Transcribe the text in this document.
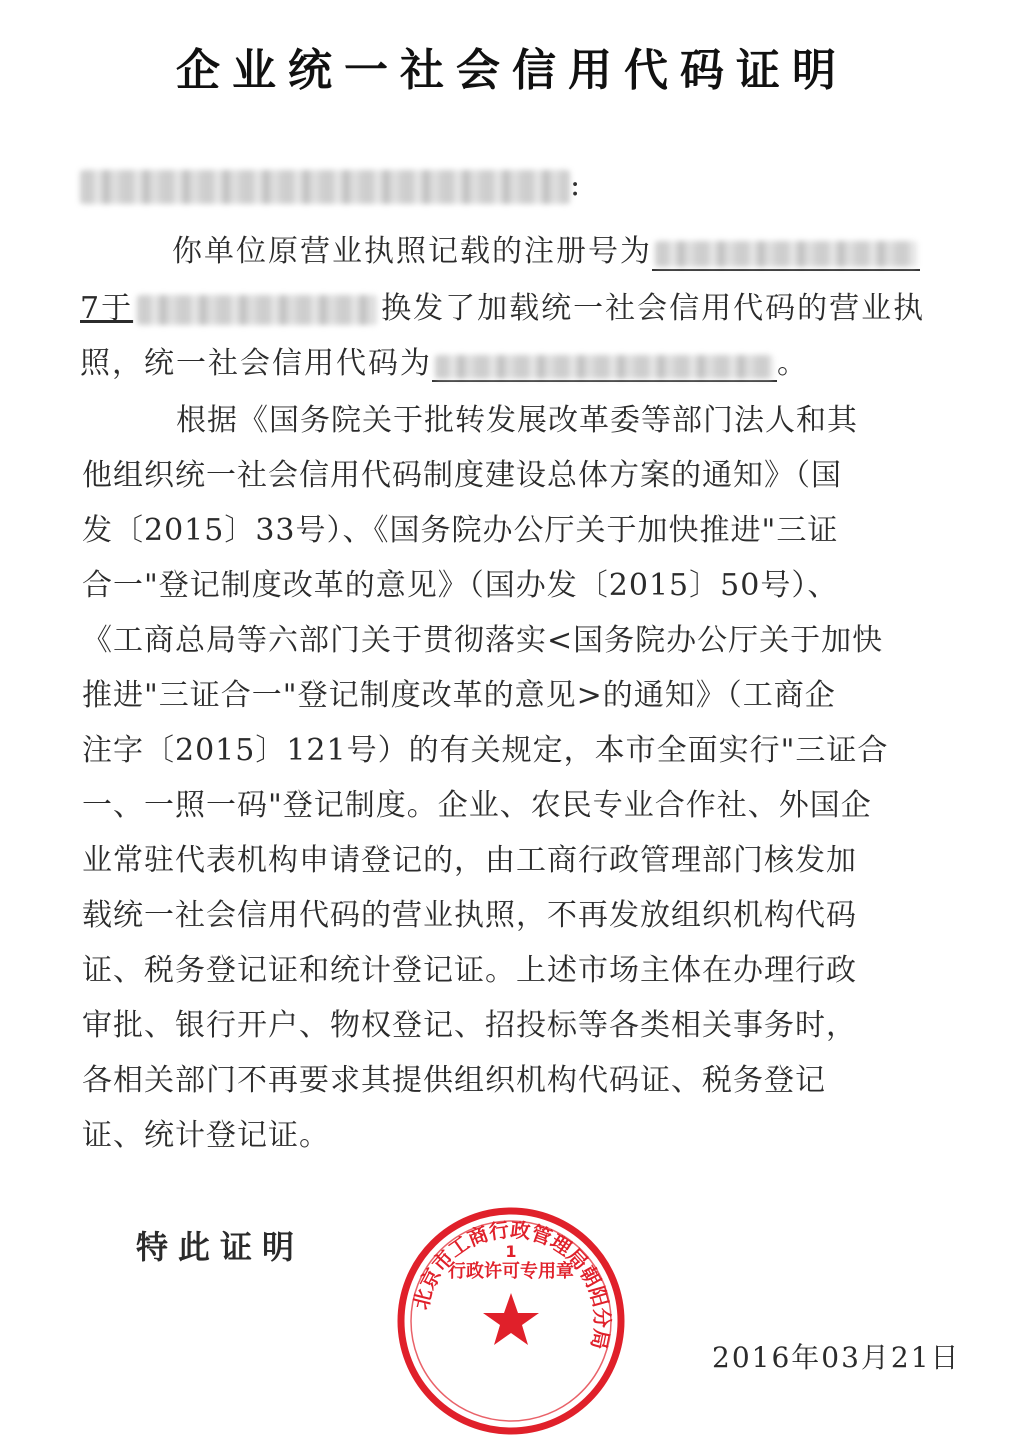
企业统一社会信用代码证明
:
你单位原营业执照记载的注册号为
7于	换发了加载统一社会信用代码的营业执
照，统一社会信用代码为	。
根据《国务院关于批转发展改革委等部门法人和其
他组织统一社会信用代码制度建设总体方案的通知》（国
发〔2015〕33号）、《国务院办公厅关于加快推进"三证
合一"登记制度改革的意见》（国办发〔2015〕50号）、
《工商总局等六部门关于贯彻落实<国务院办公厅关于加快
推进"三证合一"登记制度改革的意见>的通知》（工商企
注字〔2015〕121号）的有关规定，本市全面实行"三证合
一、一照一码"登记制度。企业、农民专业合作社、外国企
业常驻代表机构申请登记的，由工商行政管理部门核发加
载统一社会信用代码的营业执照，不再发放组织机构代码
证、税务登记证和统计登记证。上述市场主体在办理行政
审批、银行开户、物权登记、招投标等各类相关事务时，
各相关部门不再要求其提供组织机构代码证、税务登记
证、统计登记证。
特此证明
北京市工商行政管理局朝阳分局
行政许可专用章
1
2016年03月21日
